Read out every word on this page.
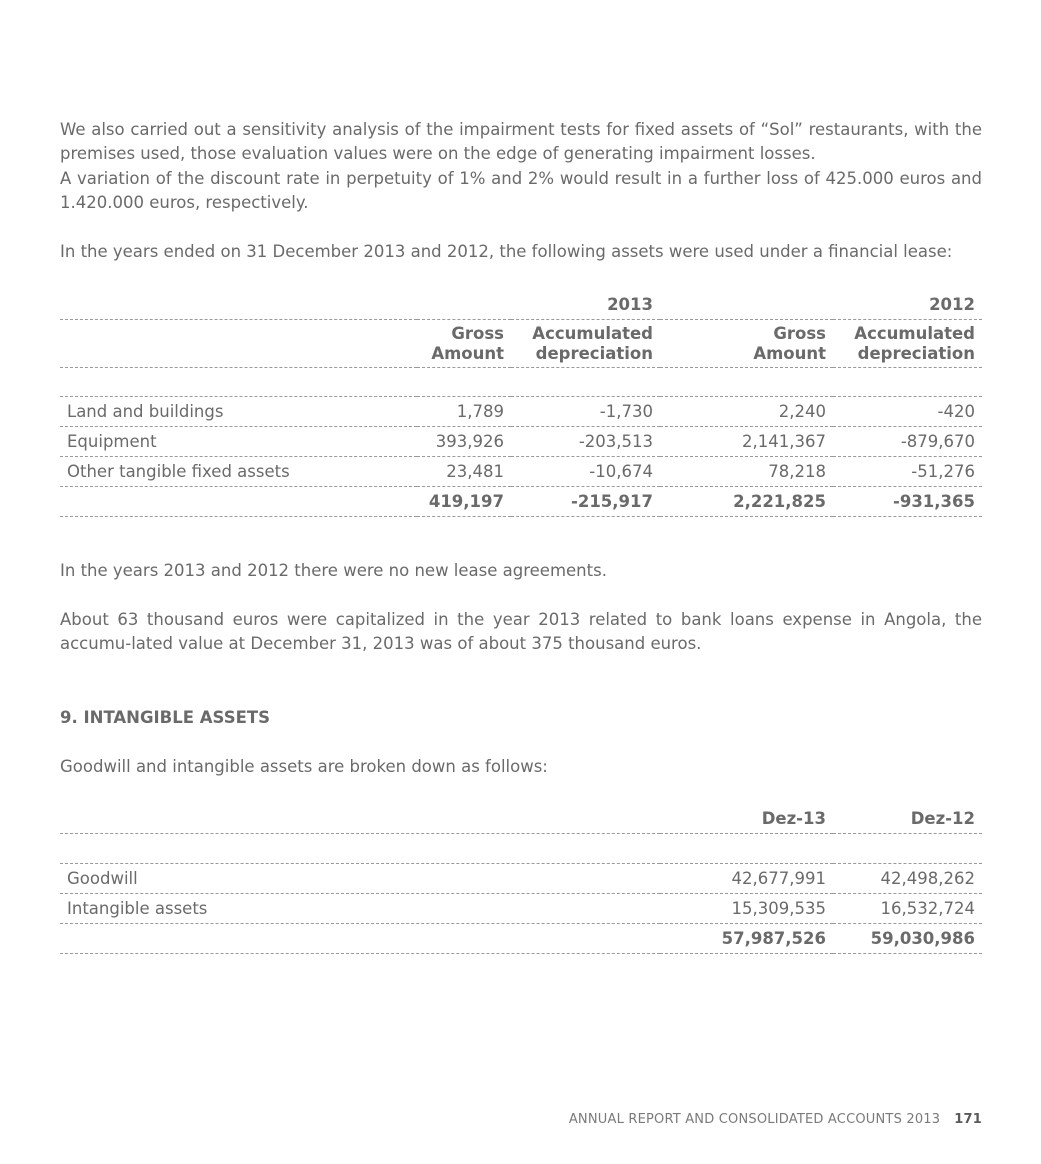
We also carried out a sensitivity analysis of the impairment tests for fixed assets of “Sol” restaurants, with the premises used, those evaluation values were on the edge of generating impairment losses.
A variation of the discount rate in perpetuity of 1% and 2% would result in a further loss of 425.000 euros and 1.420.000 euros, respectively.

In the years ended on 31 December 2013 and 2012, the following assets were used under a financial lease:

	2013		2012	
	Gross Amount	Accumulated depreciation	Gross Amount	Accumulated depreciation

Land and buildings	1,789	-1,730	2,240	-420
Equipment	393,926	-203,513	2,141,367	-879,670
Other tangible fixed assets	23,481	-10,674	78,218	-51,276
	419,197	-215,917	2,221,825	-931,365

In the years 2013 and 2012 there were no new lease agreements.

About 63 thousand euros were capitalized in the year 2013 related to bank loans expense in Angola, the accumu-lated value at December 31, 2013 was of about 375 thousand euros.

9. INTANGIBLE ASSETS

Goodwill and intangible assets are broken down as follows:

	Dez-13	Dez-12

Goodwill	42,677,991	42,498,262
Intangible assets	15,309,535	16,532,724
	57,987,526	59,030,986
ANNUAL REPORT AND CONSOLIDATED ACCOUNTS 2013 171
